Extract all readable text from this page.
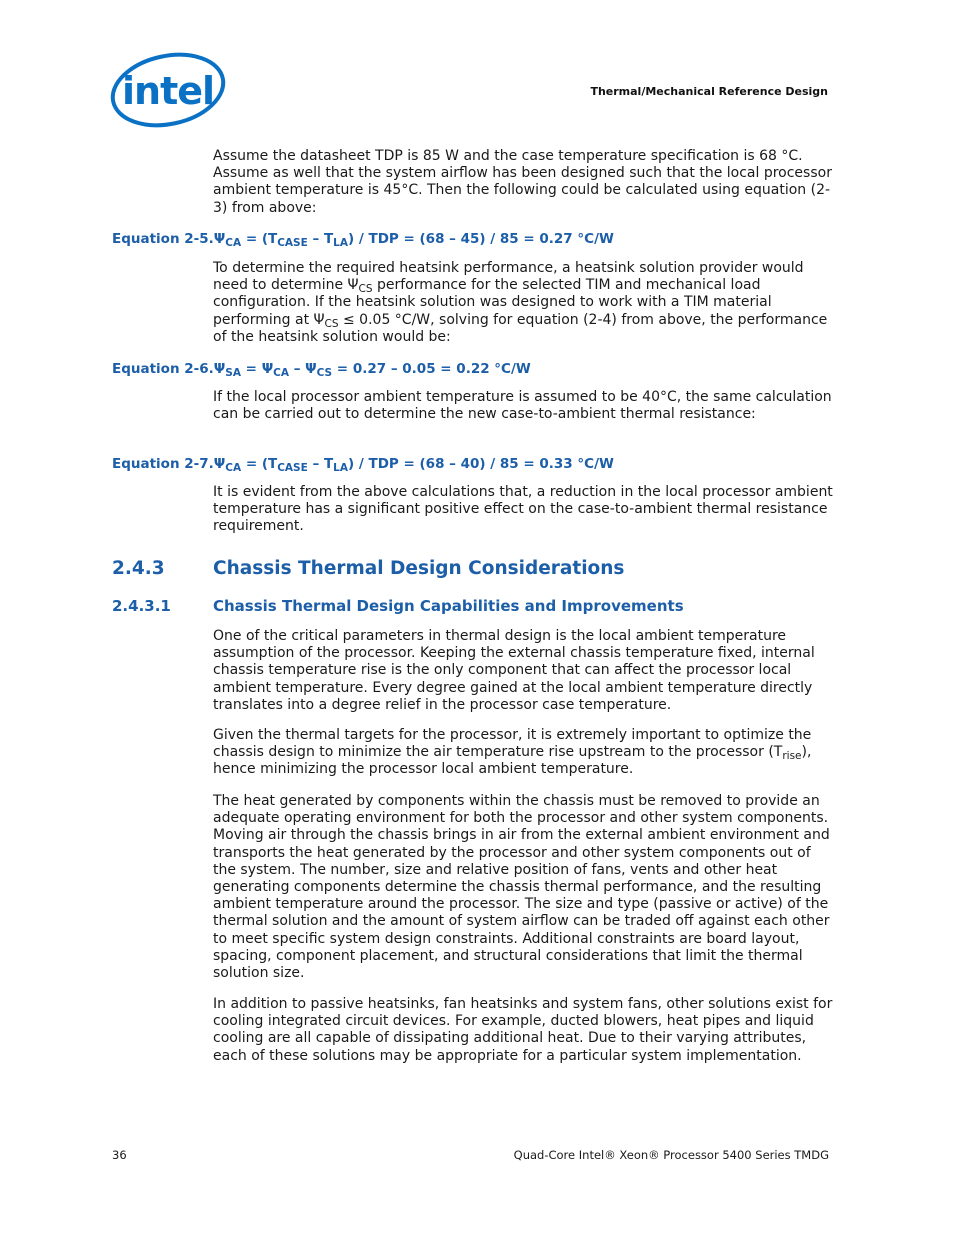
intel	Thermal/Mechanical Reference Design

Assume the datasheet TDP is 85 W and the case temperature specification is 68 °C. Assume as well that the system airflow has been designed such that the local processor ambient temperature is 45°C. Then the following could be calculated using equation (2-3) from above:

Equation $2-5.\Psi_{CA} = (T_{CASE} - T_{LA})$ / TDP = (68 – 45) / 85 = 0.27 °C/W

To determine the required heatsink performance, a heatsink solution provider would need to determine $\Psi_{CS}$ performance for the selected TIM and mechanical load configuration. If the heatsink solution was designed to work with a TIM material performing at $\Psi_{CS} \le 0.05$ °C/W, solving for equation (2-4) from above, the performance of the heatsink solution would be:

Equation $2-6.\Psi_{SA} = \Psi_{CA} - \Psi_{CS} = 0.27 - 0.05 = 0.22$ °C/W

If the local processor ambient temperature is assumed to be 40°C, the same calculation can be carried out to determine the new case-to-ambient thermal resistance:

Equation $2-7.\Psi_{CA} = (T_{CASE} - T_{LA})$ / TDP = (68 – 40) / 85 = 0.33 °C/W

It is evident from the above calculations that, a reduction in the local processor ambient temperature has a significant positive effect on the case-to-ambient thermal resistance requirement.

2.4.3	Chassis Thermal Design Considerations
2.4.3.1	Chassis Thermal Design Capabilities and Improvements

One of the critical parameters in thermal design is the local ambient temperature assumption of the processor. Keeping the external chassis temperature fixed, internal chassis temperature rise is the only component that can affect the processor local ambient temperature. Every degree gained at the local ambient temperature directly translates into a degree relief in the processor case temperature.

Given the thermal targets for the processor, it is extremely important to optimize the chassis design to minimize the air temperature rise upstream to the processor $(T_{rise})$, hence minimizing the processor local ambient temperature.

The heat generated by components within the chassis must be removed to provide an adequate operating environment for both the processor and other system components. Moving air through the chassis brings in air from the external ambient environment and transports the heat generated by the processor and other system components out of the system. The number, size and relative position of fans, vents and other heat generating components determine the chassis thermal performance, and the resulting ambient temperature around the processor. The size and type (passive or active) of the thermal solution and the amount of system airflow can be traded off against each other to meet specific system design constraints. Additional constraints are board layout, spacing, component placement, and structural considerations that limit the thermal solution size.

In addition to passive heatsinks, fan heatsinks and system fans, other solutions exist for cooling integrated circuit devices. For example, ducted blowers, heat pipes and liquid cooling are all capable of dissipating additional heat. Due to their varying attributes, each of these solutions may be appropriate for a particular system implementation.

36	Quad-Core Intel® Xeon® Processor 5400 Series TMDG
